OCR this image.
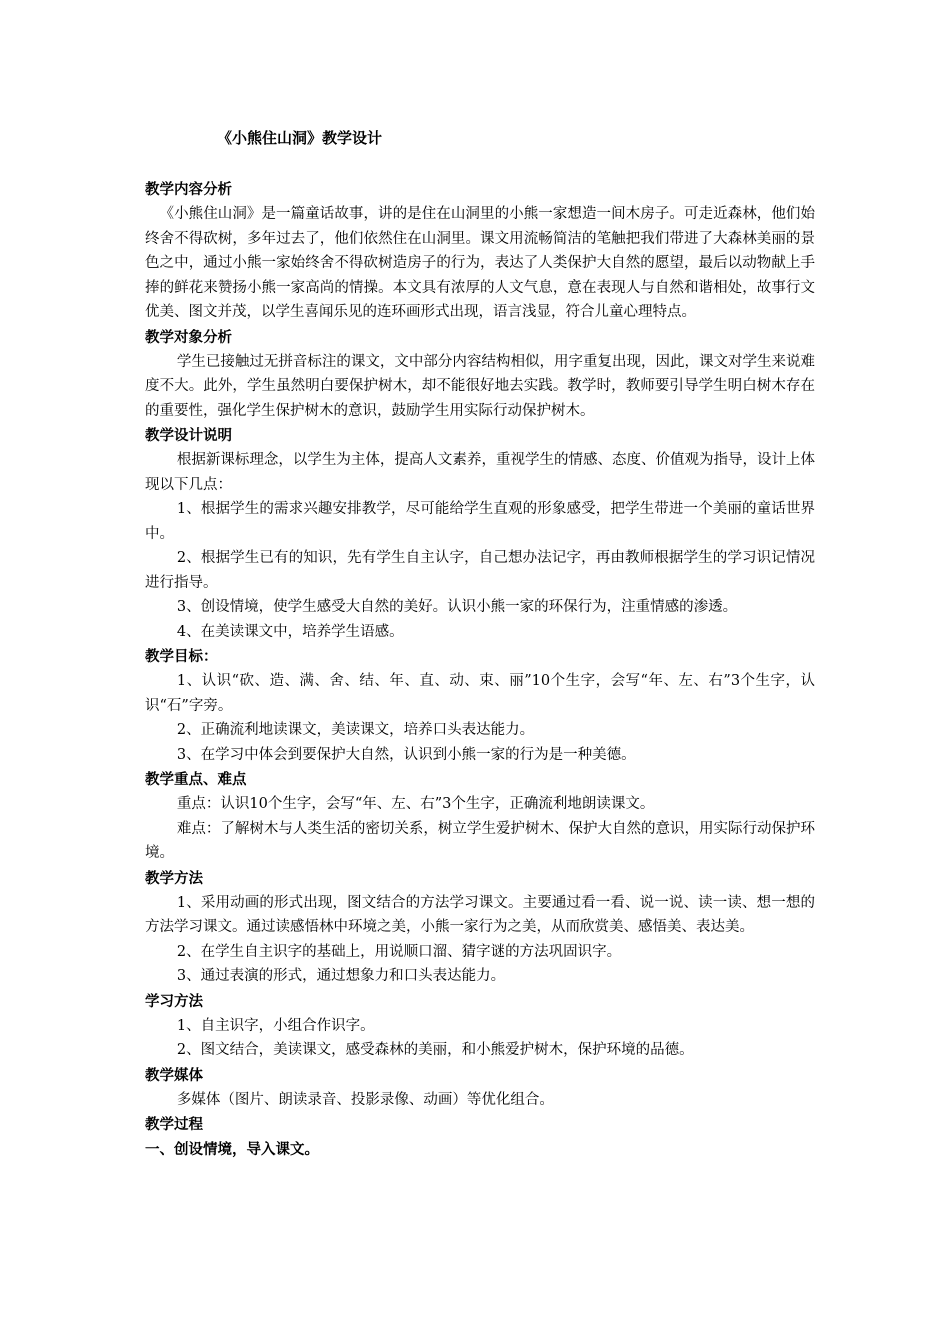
《小熊住山洞》教学设计
教学内容分析

《小熊住山洞》是一篇童话故事，讲的是住在山洞里的小熊一家想造一间木房子。可走近森林，他们始终舍不得砍树，多年过去了，他们依然住在山洞里。课文用流畅简洁的笔触把我们带进了大森林美丽的景色之中，通过小熊一家始终舍不得砍树造房子的行为，表达了人类保护大自然的愿望，最后以动物献上手捧的鲜花来赞扬小熊一家高尚的情操。本文具有浓厚的人文气息，意在表现人与自然和谐相处，故事行文优美、图文并茂，以学生喜闻乐见的连环画形式出现，语言浅显，符合儿童心理特点。

教学对象分析

学生已接触过无拼音标注的课文，文中部分内容结构相似，用字重复出现，因此，课文对学生来说难度不大。此外，学生虽然明白要保护树木，却不能很好地去实践。教学时，教师要引导学生明白树木存在的重要性，强化学生保护树木的意识，鼓励学生用实际行动保护树木。

教学设计说明

根据新课标理念，以学生为主体，提高人文素养，重视学生的情感、态度、价值观为指导，设计上体现以下几点：

1、根据学生的需求兴趣安排教学，尽可能给学生直观的形象感受，把学生带进一个美丽的童话世界中。

2、根据学生已有的知识，先有学生自主认字，自己想办法记字，再由教师根据学生的学习识记情况进行指导。

3、创设情境，使学生感受大自然的美好。认识小熊一家的环保行为，注重情感的渗透。

4、在美读课文中，培养学生语感。

教学目标：

1、认识“砍、造、满、舍、结、年、直、动、束、丽”10个生字，会写“年、左、右”3个生字，认识“石”字旁。

2、正确流利地读课文，美读课文，培养口头表达能力。

3、在学习中体会到要保护大自然，认识到小熊一家的行为是一种美德。

教学重点、难点

重点：认识10个生字，会写“年、左、右”3个生字，正确流利地朗读课文。

难点：了解树木与人类生活的密切关系，树立学生爱护树木、保护大自然的意识，用实际行动保护环境。

教学方法

1、采用动画的形式出现，图文结合的方法学习课文。主要通过看一看、说一说、读一读、想一想的方法学习课文。通过读感悟林中环境之美，小熊一家行为之美，从而欣赏美、感悟美、表达美。

2、在学生自主识字的基础上，用说顺口溜、猜字谜的方法巩固识字。

3、通过表演的形式，通过想象力和口头表达能力。

学习方法

1、自主识字，小组合作识字。

2、图文结合，美读课文，感受森林的美丽，和小熊爱护树木，保护环境的品德。

教学媒体

多媒体（图片、朗读录音、投影录像、动画）等优化组合。

教学过程
一、创设情境，导入课文。
